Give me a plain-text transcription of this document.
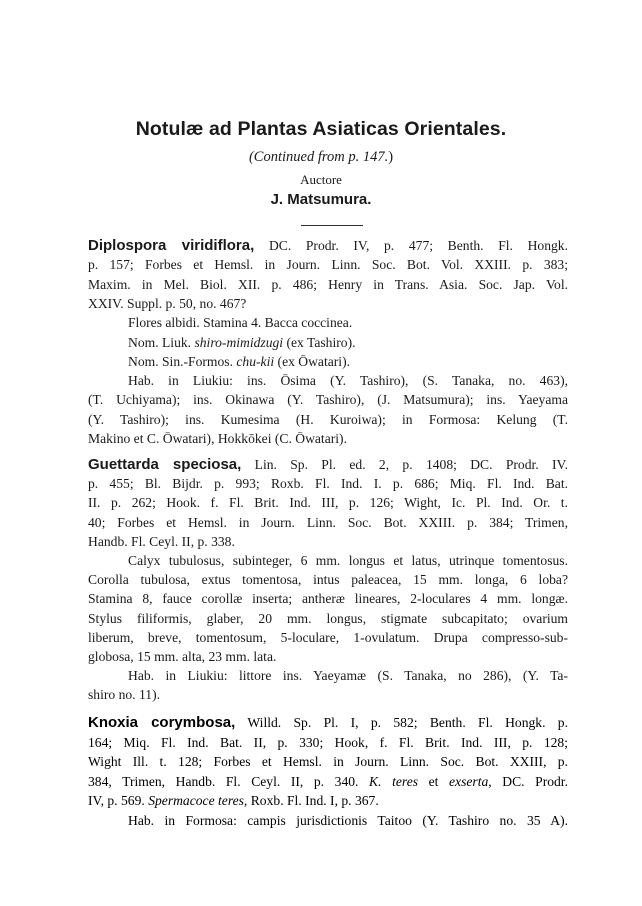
Notulæ ad Plantas Asiaticas Orientales.
(Continued from p. 147.)
Auctore
J. Matsumura.
Diplospora viridiflora, DC. Prodr. IV, p. 477; Benth. Fl. Hongk.
p. 157; Forbes et Hemsl. in Journ. Linn. Soc. Bot. Vol. XXIII. p. 383;
Maxim. in Mel. Biol. XII. p. 486; Henry in Trans. Asia. Soc. Jap. Vol.
XXIV. Suppl. p. 50, no. 467?
Flores albidi. Stamina 4. Bacca coccinea.
Nom. Liuk. shiro-mimidzugi (ex Tashiro).
Nom. Sin.-Formos. chu-kii (ex Ōwatari).
Hab. in Liukiu: ins. Ōsima (Y. Tashiro), (S. Tanaka, no. 463),
(T. Uchiyama); ins. Okinawa (Y. Tashiro), (J. Matsumura); ins. Yaeyama
(Y. Tashiro); ins. Kumesima (H. Kuroiwa); in Formosa: Kelung (T.
Makino et C. Ōwatari), Hokkōkei (C. Ōwatari).
Guettarda speciosa, Lin. Sp. Pl. ed. 2, p. 1408; DC. Prodr. IV.
p. 455; Bl. Bijdr. p. 993; Roxb. Fl. Ind. I. p. 686; Miq. Fl. Ind. Bat.
II. p. 262; Hook. f. Fl. Brit. Ind. III, p. 126; Wight, Ic. Pl. Ind. Or. t.
40; Forbes et Hemsl. in Journ. Linn. Soc. Bot. XXIII. p. 384; Trimen,
Handb. Fl. Ceyl. II, p. 338.
Calyx tubulosus, subinteger, 6 mm. longus et latus, utrinque tomentosus.
Corolla tubulosa, extus tomentosa, intus paleacea, 15 mm. longa, 6 loba?
Stamina 8, fauce corollæ inserta; antheræ lineares, 2-loculares 4 mm. longæ.
Stylus filiformis, glaber, 20 mm. longus, stigmate subcapitato; ovarium
liberum, breve, tomentosum, 5-loculare, 1-ovulatum. Drupa compresso-sub-
globosa, 15 mm. alta, 23 mm. lata.
Hab. in Liukiu: littore ins. Yaeyamæ (S. Tanaka, no 286), (Y. Ta-
shiro no. 11).
Knoxia corymbosa, Willd. Sp. Pl. I, p. 582; Benth. Fl. Hongk. p.
164; Miq. Fl. Ind. Bat. II, p. 330; Hook, f. Fl. Brit. Ind. III, p. 128;
Wight Ill. t. 128; Forbes et Hemsl. in Journ. Linn. Soc. Bot. XXIII, p.
384, Trimen, Handb. Fl. Ceyl. II, p. 340. K. teres et exserta, DC. Prodr.
IV, p. 569. Spermacoce teres, Roxb. Fl. Ind. I, p. 367.
Hab. in Formosa: campis jurisdictionis Taitoo (Y. Tashiro no. 35 A).
